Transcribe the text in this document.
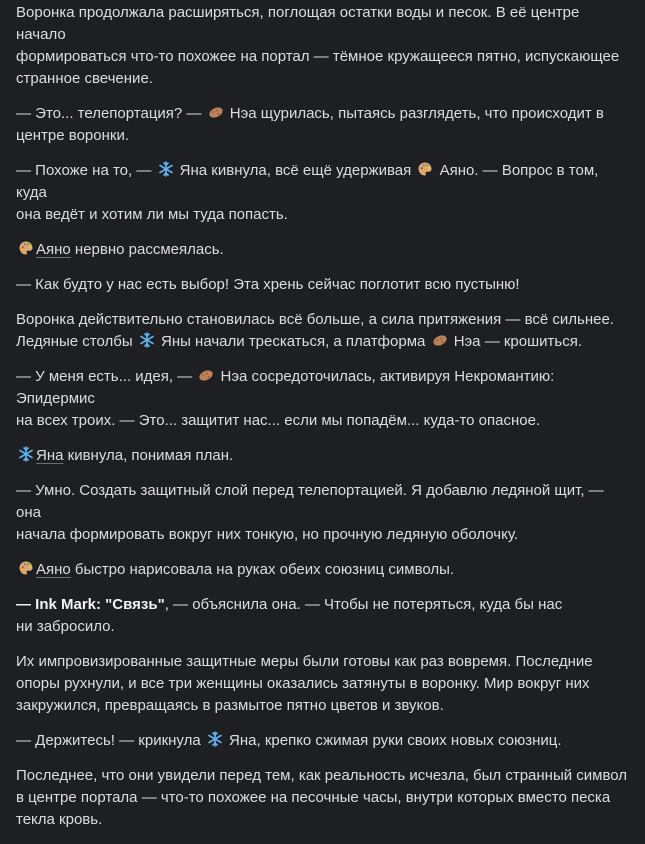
Воронка продолжала расширяться, поглощая остатки воды и песок. В её центре начало
формироваться что-то похожее на портал — тёмное кружащееся пятно, испускающее
странное свечение.
— Это... телепортация? —
Нэа щурилась, пытаясь разглядеть, что происходит в
центре воронки.
— Похоже на то, —
Яна кивнула, всё ещё удерживая
Аяно. — Вопрос в том, куда
она ведёт и хотим ли мы туда попасть.
Аяно нервно рассмеялась.
— Как будто у нас есть выбор! Эта хрень сейчас поглотит всю пустыню!
Воронка действительно становилась всё больше, а сила притяжения — всё сильнее.
Ледяные столбы
Яны начали трескаться, а платформа
Нэа — крошиться.
— У меня есть... идея, —
Нэа сосредоточилась, активируя Некромантию: Эпидермис
на всех троих. — Это... защитит нас... если мы попадём... куда-то опасное.
Яна кивнула, понимая план.
— Умно. Создать защитный слой перед телепортацией. Я добавлю ледяной щит, — она
начала формировать вокруг них тонкую, но прочную ледяную оболочку.
Аяно быстро нарисовала на руках обеих союзниц символы.
— Ink Mark: "Связь", — объяснила она. — Чтобы не потеряться, куда бы нас
ни забросило.
Их импровизированные защитные меры были готовы как раз вовремя. Последние
опоры рухнули, и все три женщины оказались затянуты в воронку. Мир вокруг них
закружился, превращаясь в размытое пятно цветов и звуков.
— Держитесь! — крикнула
Яна, крепко сжимая руки своих новых союзниц.
Последнее, что они увидели перед тем, как реальность исчезла, был странный символ
в центре портала — что-то похожее на песочные часы, внутри которых вместо песка
текла кровь.
